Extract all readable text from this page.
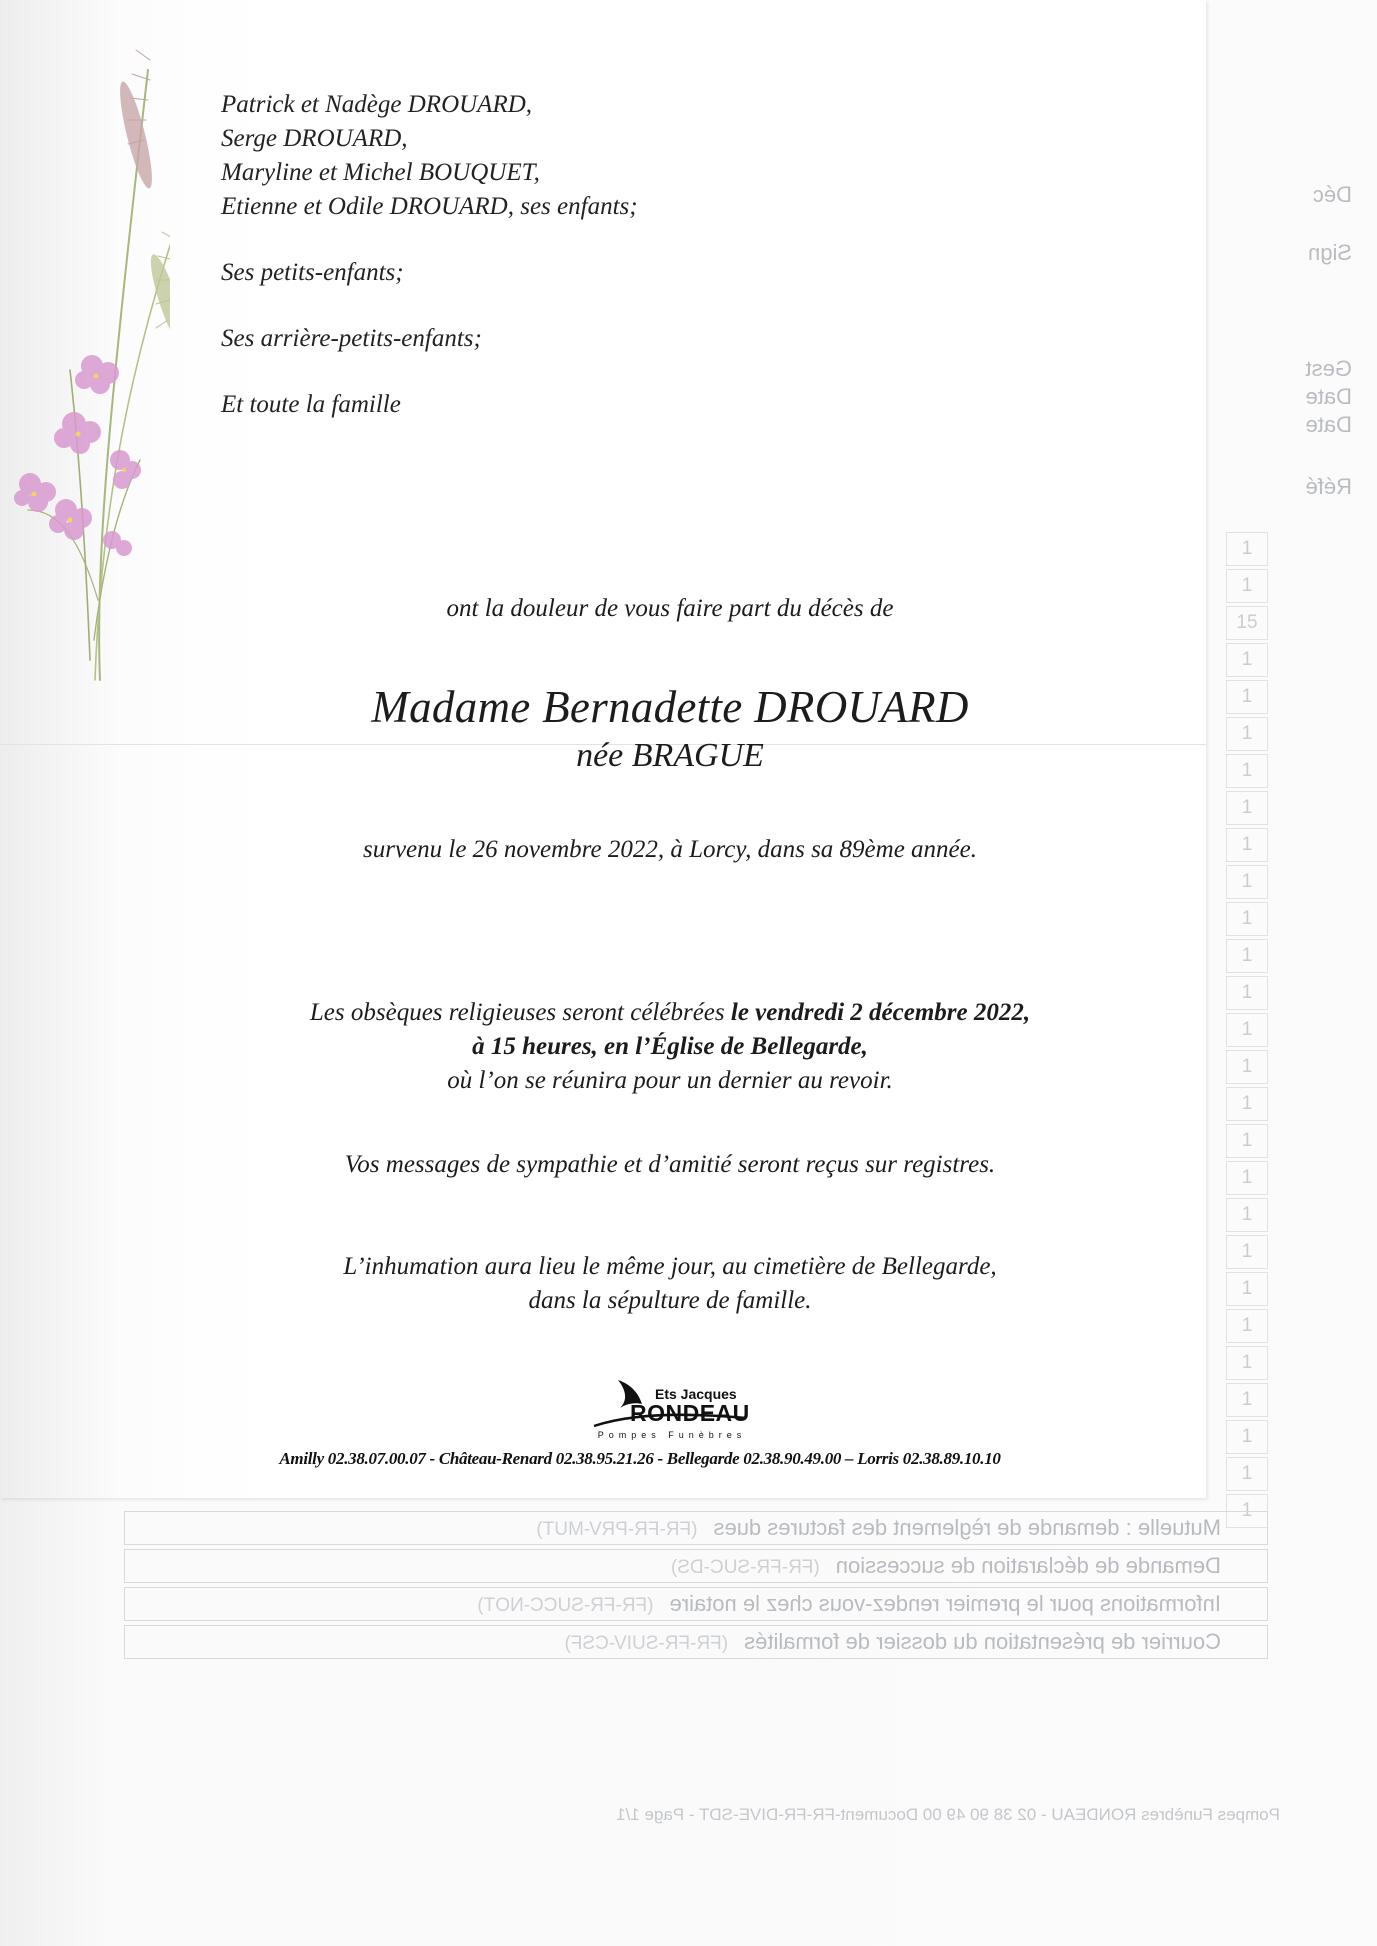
Déc
Sign
Gest
Date
Date
Réfé
1
1
15
1
1
1
1
1
1
1
1
1
1
1
1
1
1
1
1
1
1
1
1
1
1
1
1
Mutuelle : demande de règlement des factures dues(FR-FR-PRV-MUT)
Demande de déclaration de succession(FR-FR-SUC-DS)
Informations pour le premier rendez-vous chez le notaire(FR-FR-SUCC-NOT)
Courrier de présentation du dossier de formalités(FR-FR-SUIV-CSF)
Pompes Funèbres RONDEAU - 02 38 90 49 00 Document-FR-FR-DIVE-SDT - Page 1/1

Patrick et Nadège DROUARD,

Serge DROUARD,

Maryline et Michel BOUQUET,

Etienne et Odile DROUARD, ses enfants;

Ses petits-enfants;

Ses arrière-petits-enfants;

Et toute la famille

ont la douleur de vous faire part du décès de
Madame Bernadette DROUARD
née BRAGUE
survenu le 26 novembre 2022, à Lorcy, dans sa 89ème année.
Les obsèques religieuses seront célébrées le vendredi 2 décembre 2022,
à 15 heures, en l’Église de Bellegarde,
où l’on se réunira pour un dernier au revoir.
Vos messages de sympathie et d’amitié seront reçus sur registres.
L’inhumation aura lieu le même jour, au cimetière de Bellegarde,
dans la sépulture de famille.
Ets Jacques
RONDEAU
Pompes Funèbres
Amilly 02.38.07.00.07 - Château-Renard 02.38.95.21.26 - Bellegarde 02.38.90.49.00 – Lorris 02.38.89.10.10
